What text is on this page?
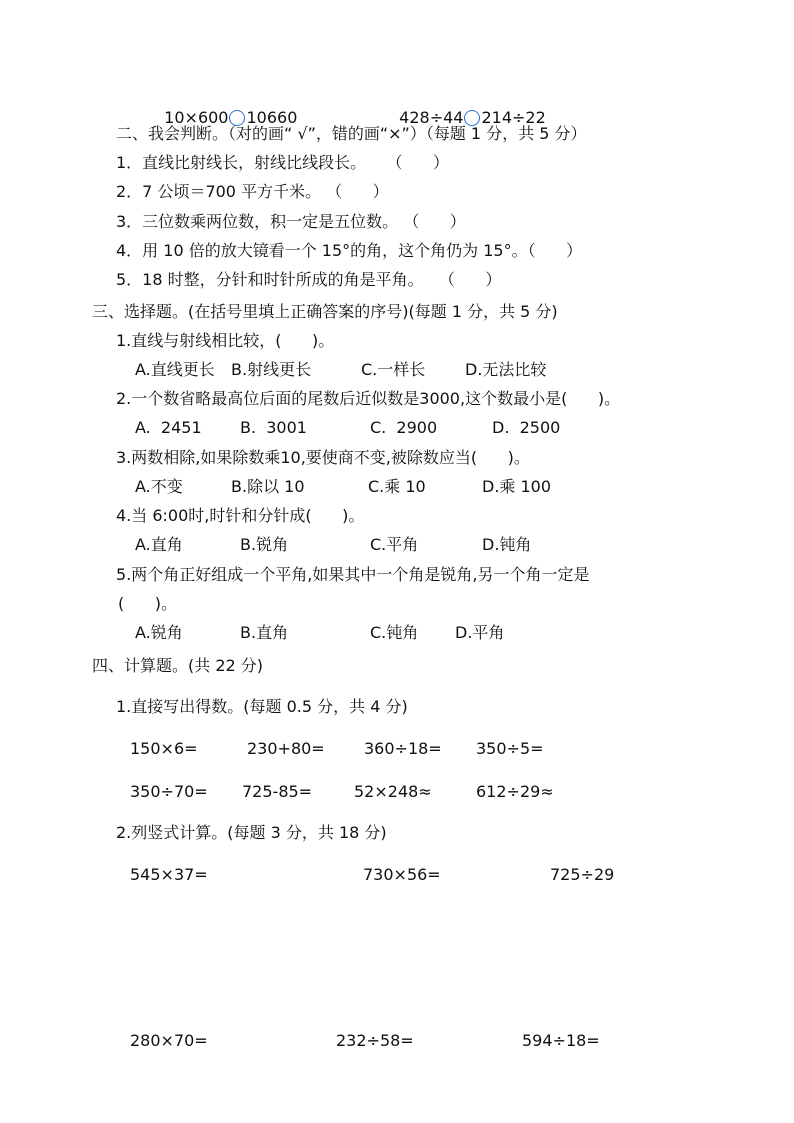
10×600 10660	428÷44 214÷22

二、我会判断。（对的画“ √”，错的画“×”）（每题 1 分，共 5 分）
1．直线比射线长，射线比线段长。    （      ）
2．7 公顷＝700 平方千米。 （      ）
3．三位数乘两位数，积一定是五位数。 （      ）
4．用 10 倍的放大镜看一个 15°的角，这个角仍为 15°。（      ）
5．18 时整，分针和时针所成的角是平角。   （      ）
三、选择题。(在括号里填上正确答案的序号)(每题 1 分，共 5 分)
1.直线与射线相比较，(      )。
A.直线更长 B.射线更长	C.一样长 D.无法比较
2.一个数省略最高位后面的尾数后近似数是3000,这个数最小是(      )。
A.  2451 B.  3001	C.  2900	D.  2500
3.两数相除,如果除数乘10,要使商不变,被除数应当(      )。
A.不变	B.除以 10	C.乘 10	D.乘 100
4.当 6:00时,时针和分针成(      )。
A.直角	B.锐角	C.平角	D.钝角
5.两个角正好组成一个平角,如果其中一个角是锐角,另一个角一定是
(      )。
A.锐角	B.直角	C.钝角 D.平角
四、计算题。(共 22 分)
1.直接写出得数。(每题 0.5 分，共 4 分)
150×6=	230+80= 360÷18= 350÷5=
350÷70= 725-85=	52×248≈	612÷29≈
2.列竖式计算。(每题 3 分，共 18 分)
545×37=	730×56=	725÷29
280×70=	232÷58=	594÷18=
